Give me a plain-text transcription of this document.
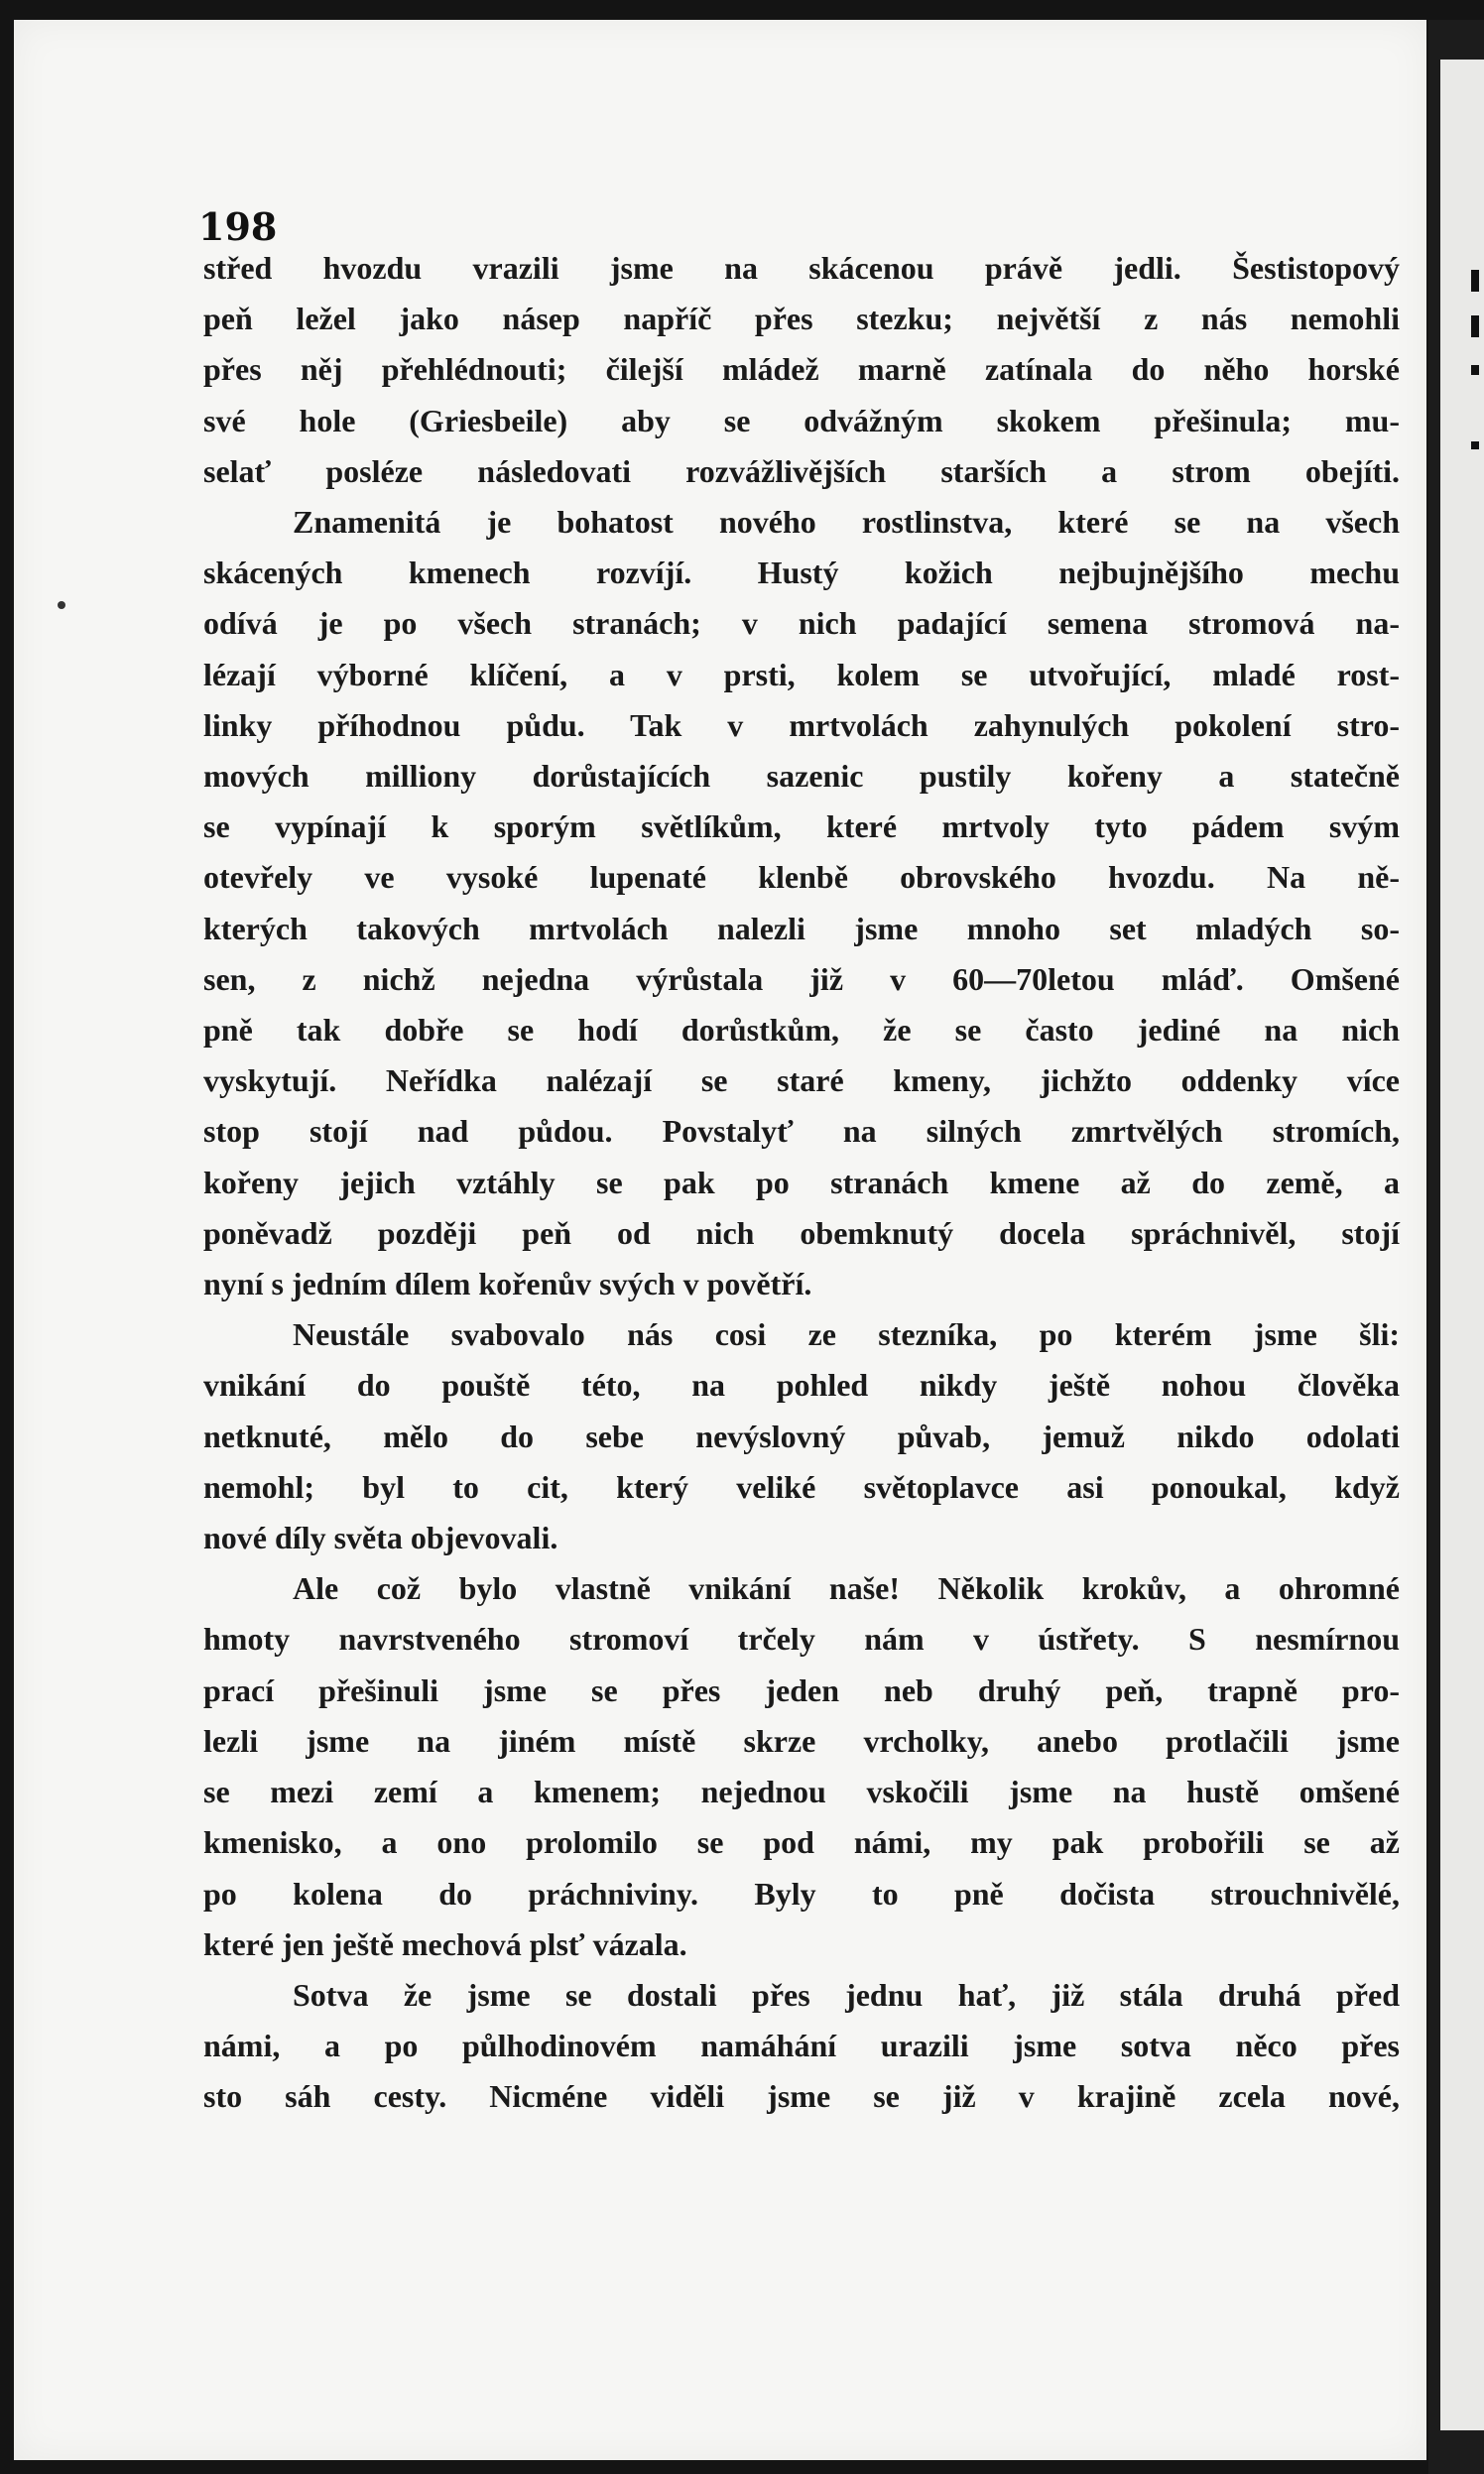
198

střed hvozdu vrazili jsme na skácenou právě jedli. Šestistopový

peň ležel jako násep napříč přes stezku; největší z nás nemohli

přes něj přehlédnouti; čilejší mládež marně zatínala do něho horské

své hole (Griesbeile) aby se odvážným skokem přešinula; mu-

selať posléze následovati rozvážlivějších starších a strom obejíti.

Znamenitá je bohatost nového rostlinstva, které se na všech

skácených kmenech rozvíjí. Hustý kožich nejbujnějšího mechu

odívá je po všech stranách; v nich padající semena stromová na-

lézají výborné klíčení, a v prsti, kolem se utvořující, mladé rost-

linky příhodnou půdu. Tak v mrtvolách zahynulých pokolení stro-

mových milliony dorůstajících sazenic pustily kořeny a statečně

se vypínají k sporým světlíkům, které mrtvoly tyto pádem svým

otevřely ve vysoké lupenaté klenbě obrovského hvozdu. Na ně-

kterých takových mrtvolách nalezli jsme mnoho set mladých so-

sen, z nichž nejedna výrůstala již v 60—70letou mláď. Omšené

pně tak dobře se hodí dorůstkům, že se často jediné na nich

vyskytují. Neřídka nalézají se staré kmeny, jichžto oddenky více

stop stojí nad půdou. Povstalyť na silných zmrtvělých stromích,

kořeny jejich vztáhly se pak po stranách kmene až do země, a

poněvadž později peň od nich obemknutý docela spráchnivěl, stojí

nyní s jedním dílem kořenův svých v povětří.

Neustále svabovalo nás cosi ze stezníka, po kterém jsme šli:

vnikání do pouště této, na pohled nikdy ještě nohou člověka

netknuté, mělo do sebe nevýslovný půvab, jemuž nikdo odolati

nemohl; byl to cit, který veliké světoplavce asi ponoukal, když

nové díly světa objevovali.

Ale což bylo vlastně vnikání naše! Několik krokův, a ohromné

hmoty navrstveného stromoví trčely nám v ústřety. S nesmírnou

prací přešinuli jsme se přes jeden neb druhý peň, trapně pro-

lezli jsme na jiném místě skrze vrcholky, anebo protlačili jsme

se mezi zemí a kmenem; nejednou vskočili jsme na hustě omšené

kmenisko, a ono prolomilo se pod námi, my pak probořili se až

po kolena do práchniviny. Byly to pně dočista strouchnivělé,

které jen ještě mechová plsť vázala.

Sotva že jsme se dostali přes jednu hať, již stála druhá před

námi, a po půlhodinovém namáhání urazili jsme sotva něco přes

sto sáh cesty. Nicméne viděli jsme se již v krajině zcela nové,
